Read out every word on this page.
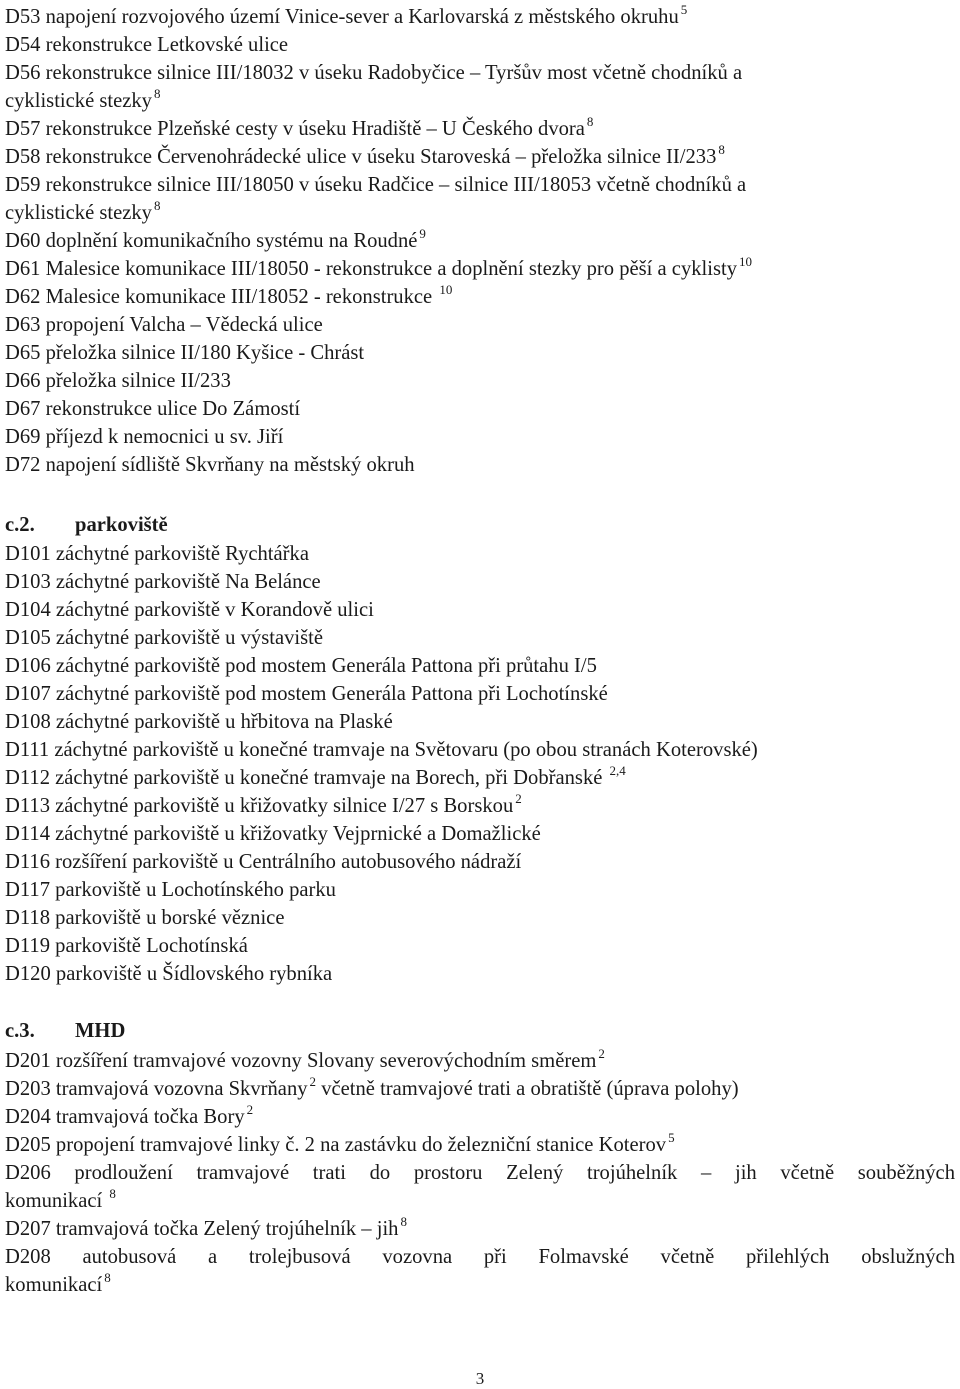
D53 napojení rozvojového území Vinice-sever a Karlovarská z městského okruhu $^5$
D54 rekonstrukce Letkovské ulice
D56 rekonstrukce silnice III/18032 v úseku Radobyčice – Tyršův most včetně chodníků a
cyklistické stezky $^8$
D57 rekonstrukce Plzeňské cesty v úseku Hradiště – U Českého dvora $^8$
D58 rekonstrukce Červenohrádecké ulice v úseku Staroveská – přeložka silnice II/233 $^8$
D59 rekonstrukce silnice III/18050 v úseku Radčice – silnice III/18053 včetně chodníků a
cyklistické stezky $^8$
D60 doplnění komunikačního systému na Roudné $^9$
D61 Malesice komunikace III/18050 - rekonstrukce a doplnění stezky pro pěší a cyklisty $^{10}$
D62 Malesice komunikace III/18052 - rekonstrukce $^{10}$
D63 propojení Valcha – Vědecká ulice
D65 přeložka silnice II/180 Kyšice - Chrást
D66 přeložka silnice II/233
D67 rekonstrukce ulice Do Zámostí
D69 příjezd k nemocnici u sv. Jiří
D72 napojení sídliště Skvrňany na městský okruh
c.2. parkoviště
D101 záchytné parkoviště Rychtářka
D103 záchytné parkoviště Na Belánce
D104 záchytné parkoviště v Korandově ulici
D105 záchytné parkoviště u výstaviště
D106 záchytné parkoviště pod mostem Generála Pattona při průtahu I/5
D107 záchytné parkoviště pod mostem Generála Pattona při Lochotínské
D108 záchytné parkoviště u hřbitova na Plaské
D111 záchytné parkoviště u konečné tramvaje na Světovaru (po obou stranách Koterovské)
D112 záchytné parkoviště u konečné tramvaje na Borech, při Dobřanské $^{2,4}$
D113 záchytné parkoviště u křižovatky silnice I/27 s Borskou $^2$
D114 záchytné parkoviště u křižovatky Vejprnické a Domažlické
D116 rozšíření parkoviště u Centrálního autobusového nádraží
D117 parkoviště u Lochotínského parku
D118 parkoviště u borské věznice
D119 parkoviště Lochotínská
D120 parkoviště u Šídlovského rybníka
c.3. MHD
D201 rozšíření tramvajové vozovny Slovany severovýchodním směrem $^2$
D203 tramvajová vozovna Skvrňany $^2$ včetně tramvajové trati a obratiště (úprava polohy)
D204 tramvajová točka Bory $^2$
D205 propojení tramvajové linky č. 2 na zastávku do železniční stanice Koterov $^5$
D206 prodloužení tramvajové trati do prostoru Zelený trojúhelník – jih včetně souběžných
komunikací $^8$
D207 tramvajová točka Zelený trojúhelník – jih $^8$
D208 autobusová a trolejbusová vozovna při Folmavské včetně přilehlých obslužných
komunikací $^8$
3
